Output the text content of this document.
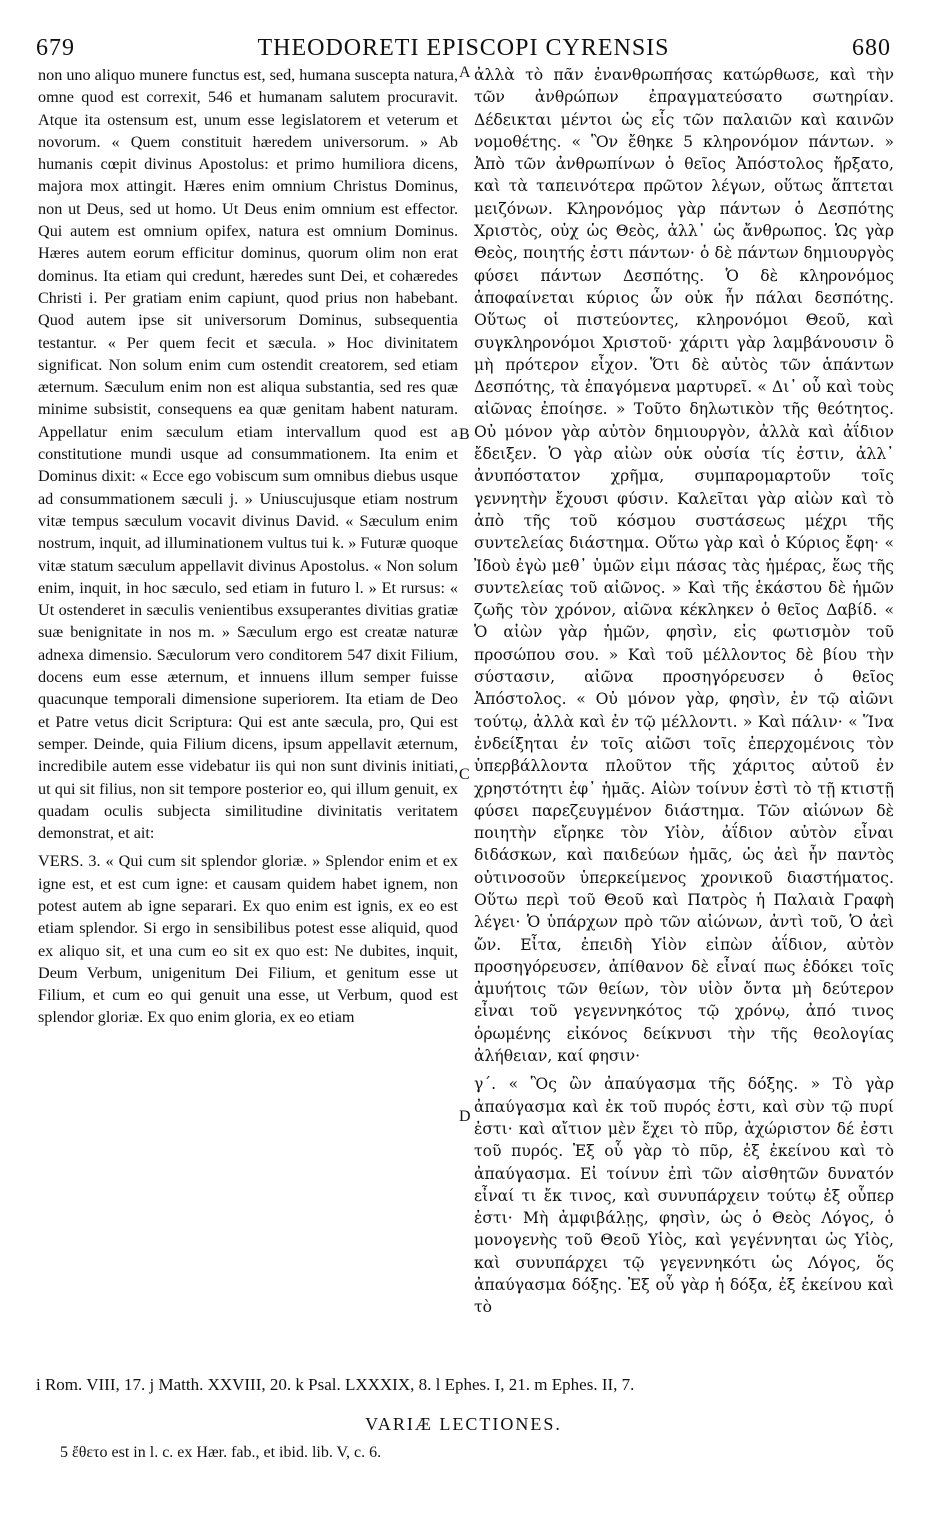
679	THEODORETI EPISCOPI CYRENSIS	680

non uno aliquo munere functus est, sed, humana suscepta natura, omne quod est correxit, 546 et humanam salutem procuravit. Atque ita ostensum est, unum esse legislatorem et veterum et novorum. « Quem constituit hæredem universorum. » Ab humanis cœpit divinus Apostolus: et primo humiliora dicens, majora mox attingit. Hæres enim omnium Christus Dominus, non ut Deus, sed ut homo. Ut Deus enim omnium est effector. Qui autem est omnium opifex, natura est omnium Dominus. Hæres autem eorum efficitur dominus, quorum olim non erat dominus. Ita etiam qui credunt, hæredes sunt Dei, et cohæredes Christi i. Per gratiam enim capiunt, quod prius non habebant. Quod autem ipse sit universorum Dominus, subsequentia testantur. « Per quem fecit et sæcula. » Hoc divinitatem significat. Non solum enim cum ostendit creatorem, sed etiam æternum. Sæculum enim non est aliqua substantia, sed res quæ minime subsistit, consequens ea quæ genitam habent naturam. Appellatur enim sæculum etiam intervallum quod est a constitutione mundi usque ad consummationem. Ita enim et Dominus dixit: « Ecce ego vobiscum sum omnibus diebus usque ad consummationem sæculi j. » Uniuscujusque etiam nostrum vitæ tempus sæculum vocavit divinus David. « Sæculum enim nostrum, inquit, ad illuminationem vultus tui k. » Futuræ quoque vitæ statum sæculum appellavit divinus Apostolus. « Non solum enim, inquit, in hoc sæculo, sed etiam in futuro l. » Et rursus: « Ut ostenderet in sæculis venientibus exsuperantes divitias gratiæ suæ benignitate in nos m. » Sæculum ergo est creatæ naturæ adnexa dimensio. Sæculorum vero conditorem 547 dixit Filium, docens eum esse æternum, et innuens illum semper fuisse quacunque temporali dimensione superiorem. Ita etiam de Deo et Patre vetus dicit Scriptura: Qui est ante sæcula, pro, Qui est semper. Deinde, quia Filium dicens, ipsum appellavit æternum, incredibile autem esse videbatur iis qui non sunt divinis initiati, ut qui sit filius, non sit tempore posterior eo, qui illum genuit, ex quadam oculis subjecta similitudine divinitatis veritatem demonstrat, et ait:

VERS. 3. « Qui cum sit splendor gloriæ. » Splendor enim et ex igne est, et est cum igne: et causam quidem habet ignem, non potest autem ab igne separari. Ex quo enim est ignis, ex eo est etiam splendor. Si ergo in sensibilibus potest esse aliquid, quod ex aliquo sit, et una cum eo sit ex quo est: Ne dubites, inquit, Deum Verbum, unigenitum Dei Filium, et genitum esse ut Filium, et cum eo qui genuit una esse, ut Verbum, quod est splendor gloriæ. Ex quo enim gloria, ex eo etiam

A
B
C
D

ἀλλὰ τὸ πᾶν ἐνανθρωπήσας κατώρθωσε, καὶ τὴν τῶν ἀνθρώπων ἐπραγματεύσατο σωτηρίαν. Δέδεικται μέντοι ὡς εἷς τῶν παλαιῶν καὶ καινῶν νομοθέτης. « Ὃν ἔθηκε 5 κληρονόμον πάντων. » Ἀπὸ τῶν ἀνθρωπίνων ὁ θεῖος Ἀπόστολος ἤρξατο, καὶ τὰ ταπεινότερα πρῶτον λέγων, οὕτως ἅπτεται μειζόνων. Κληρονόμος γὰρ πάντων ὁ Δεσπότης Χριστὸς, οὐχ ὡς Θεὸς, ἀλλ᾽ ὡς ἄνθρωπος. Ὡς γὰρ Θεὸς, ποιητής ἐστι πάντων· ὁ δὲ πάντων δημιουργὸς φύσει πάντων Δεσπότης. Ὁ δὲ κληρονόμος ἀποφαίνεται κύριος ὧν οὐκ ἦν πάλαι δεσπότης. Οὕτως οἱ πιστεύοντες, κληρονόμοι Θεοῦ, καὶ συγκληρονόμοι Χριστοῦ· χάριτι γὰρ λαμβάνουσιν ὃ μὴ πρότερον εἶχον. Ὅτι δὲ αὐτὸς τῶν ἁπάντων Δεσπότης, τὰ ἐπαγόμενα μαρτυρεῖ. « Δι᾽ οὗ καὶ τοὺς αἰῶνας ἐποίησε. » Τοῦτο δηλωτικὸν τῆς θεότητος. Οὐ μόνον γὰρ αὐτὸν δημιουργὸν, ἀλλὰ καὶ ἀΐδιον ἔδειξεν. Ὁ γὰρ αἰὼν οὐκ οὐσία τίς ἐστιν, ἀλλ᾽ ἀνυπόστατον χρῆμα, συμπαρομαρτοῦν τοῖς γεννητὴν ἔχουσι φύσιν. Καλεῖται γὰρ αἰὼν καὶ τὸ ἀπὸ τῆς τοῦ κόσμου συστάσεως μέχρι τῆς συντελείας διάστημα. Οὕτω γὰρ καὶ ὁ Κύριος ἔφη· « Ἰδοὺ ἐγὼ μεθ᾽ ὑμῶν εἰμι πάσας τὰς ἡμέρας, ἕως τῆς συντελείας τοῦ αἰῶνος. » Καὶ τῆς ἑκάστου δὲ ἡμῶν ζωῆς τὸν χρόνον, αἰῶνα κέκληκεν ὁ θεῖος Δαβίδ. « Ὁ αἰὼν γὰρ ἡμῶν, φησὶν, εἰς φωτισμὸν τοῦ προσώπου σου. » Καὶ τοῦ μέλλοντος δὲ βίου τὴν σύστασιν, αἰῶνα προσηγόρευσεν ὁ θεῖος Ἀπόστολος. « Οὐ μόνον γὰρ, φησὶν, ἐν τῷ αἰῶνι τούτῳ, ἀλλὰ καὶ ἐν τῷ μέλλοντι. » Καὶ πάλιν· « Ἵνα ἐνδείξηται ἐν τοῖς αἰῶσι τοῖς ἐπερχομένοις τὸν ὑπερβάλλοντα πλοῦτον τῆς χάριτος αὐτοῦ ἐν χρηστότητι ἐφ᾽ ἡμᾶς. Αἰὼν τοίνυν ἐστὶ τὸ τῇ κτιστῇ φύσει παρεζευγμένον διάστημα. Τῶν αἰώνων δὲ ποιητὴν εἴρηκε τὸν Υἱὸν, ἀΐδιον αὐτὸν εἶναι διδάσκων, καὶ παιδεύων ἡμᾶς, ὡς ἀεὶ ἦν παντὸς οὑτινοσοῦν ὑπερκείμενος χρονικοῦ διαστήματος. Οὕτω περὶ τοῦ Θεοῦ καὶ Πατρὸς ἡ Παλαιὰ Γραφὴ λέγει· Ὁ ὑπάρχων πρὸ τῶν αἰώνων, ἀντὶ τοῦ, Ὁ ἀεὶ ὤν. Εἶτα, ἐπειδὴ Υἱὸν εἰπὼν ἀΐδιον, αὐτὸν προσηγόρευσεν, ἀπίθανον δὲ εἶναί πως ἐδόκει τοῖς ἀμυήτοις τῶν θείων, τὸν υἱὸν ὄντα μὴ δεύτερον εἶναι τοῦ γεγεννηκότος τῷ χρόνῳ, ἀπό τινος ὁρωμένης εἰκόνος δείκνυσι τὴν τῆς θεολογίας ἀλήθειαν, καί φησιν·

γ΄. « Ὃς ὢν ἀπαύγασμα τῆς δόξης. » Τὸ γὰρ ἀπαύγασμα καὶ ἐκ τοῦ πυρός ἐστι, καὶ σὺν τῷ πυρί ἐστι· καὶ αἴτιον μὲν ἔχει τὸ πῦρ, ἀχώριστον δέ ἐστι τοῦ πυρός. Ἐξ οὗ γὰρ τὸ πῦρ, ἐξ ἐκείνου καὶ τὸ ἀπαύγασμα. Εἰ τοίνυν ἐπὶ τῶν αἰσθητῶν δυνατόν εἶναί τι ἔκ τινος, καὶ συνυπάρχειν τούτῳ ἐξ οὗπερ ἐστι· Μὴ ἀμφιβάλῃς, φησὶν, ὡς ὁ Θεὸς Λόγος, ὁ μονογενὴς τοῦ Θεοῦ Υἱὸς, καὶ γεγέννηται ὡς Υἱὸς, καὶ συνυπάρχει τῷ γεγεννηκότι ὡς Λόγος, ὅς ἀπαύγασμα δόξης. Ἐξ οὗ γὰρ ἡ δόξα, ἐξ ἐκείνου καὶ τὸ

i Rom. VIII, 17. j Matth. XXVIII, 20. k Psal. LXXXIX, 8. l Ephes. I, 21. m Ephes. II, 7.
VARIÆ LECTIONES.
5 ἔθετο est in l. c. ex Hær. fab., et ibid. lib. V, c. 6.
